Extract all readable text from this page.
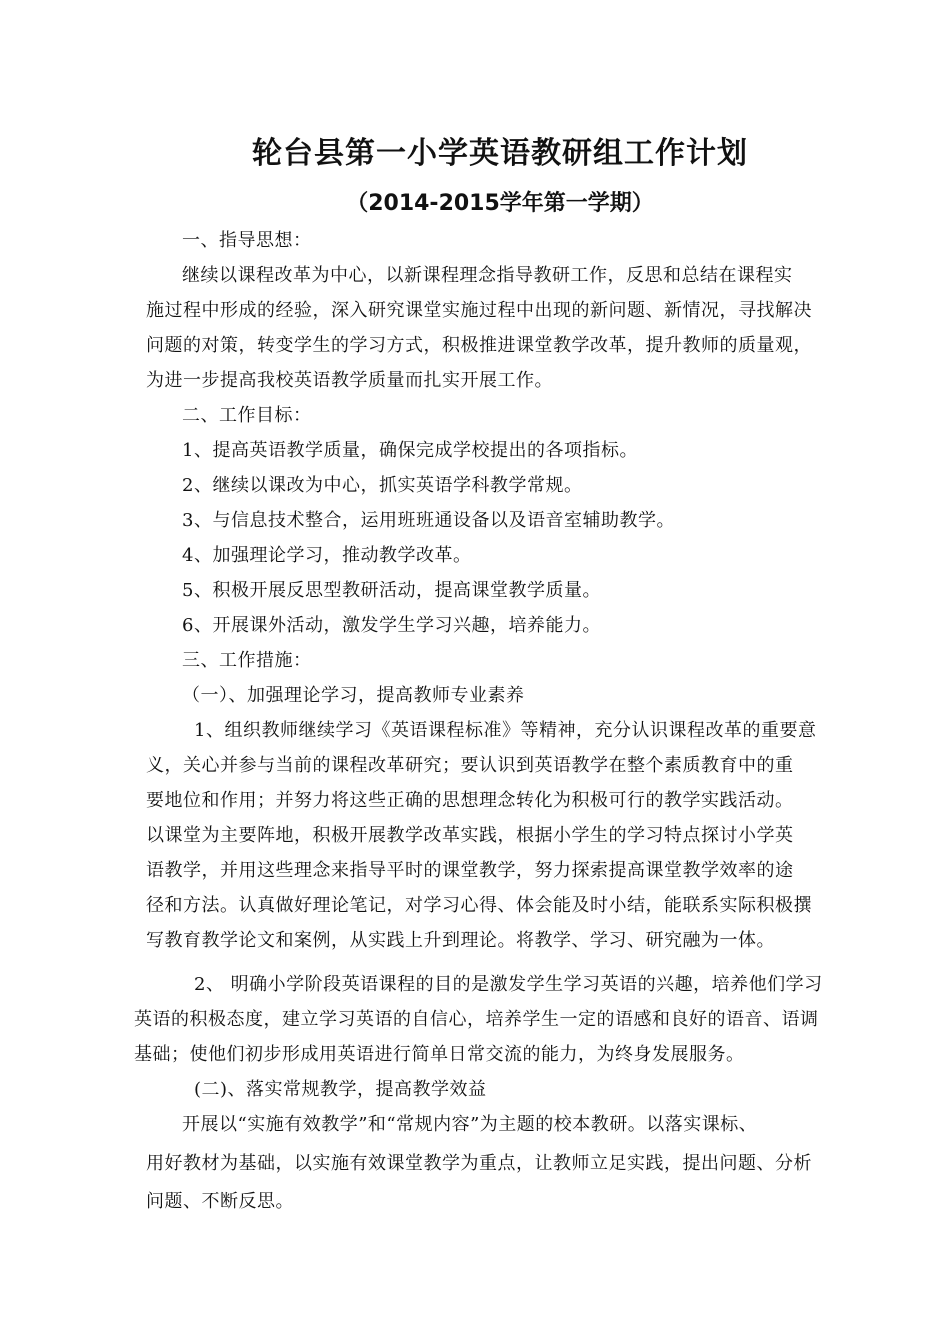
轮台县第一小学英语教研组工作计划
（2014-2015学年第一学期）
一、指导思想：
继续以课程改革为中心，以新课程理念指导教研工作，反思和总结在课程实
施过程中形成的经验，深入研究课堂实施过程中出现的新问题、新情况，寻找解决
问题的对策，转变学生的学习方式，积极推进课堂教学改革，提升教师的质量观，
为进一步提高我校英语教学质量而扎实开展工作。
二、工作目标：
1、提高英语教学质量，确保完成学校提出的各项指标。
2、继续以课改为中心，抓实英语学科教学常规。
3、与信息技术整合，运用班班通设备以及语音室辅助教学。
4、加强理论学习，推动教学改革。
5、积极开展反思型教研活动，提高课堂教学质量。
6、开展课外活动，激发学生学习兴趣，培养能力。
三、工作措施：
（一）、加强理论学习，提高教师专业素养
1、组织教师继续学习《英语课程标准》等精神，充分认识课程改革的重要意
义，关心并参与当前的课程改革研究；要认识到英语教学在整个素质教育中的重
要地位和作用；并努力将这些正确的思想理念转化为积极可行的教学实践活动。
以课堂为主要阵地，积极开展教学改革实践，根据小学生的学习特点探讨小学英
语教学，并用这些理念来指导平时的课堂教学，努力探索提高课堂教学效率的途
径和方法。认真做好理论笔记，对学习心得、体会能及时小结，能联系实际积极撰
写教育教学论文和案例，从实践上升到理论。将教学、学习、研究融为一体。
2、 明确小学阶段英语课程的目的是激发学生学习英语的兴趣，培养他们学习
英语的积极态度，建立学习英语的自信心，培养学生一定的语感和良好的语音、语调
基础；使他们初步形成用英语进行简单日常交流的能力，为终身发展服务。
(二)、落实常规教学，提高教学效益
开展以“实施有效教学”和“常规内容”为主题的校本教研。以落实课标、
用好教材为基础，以实施有效课堂教学为重点，让教师立足实践，提出问题、分析
问题、不断反思。
